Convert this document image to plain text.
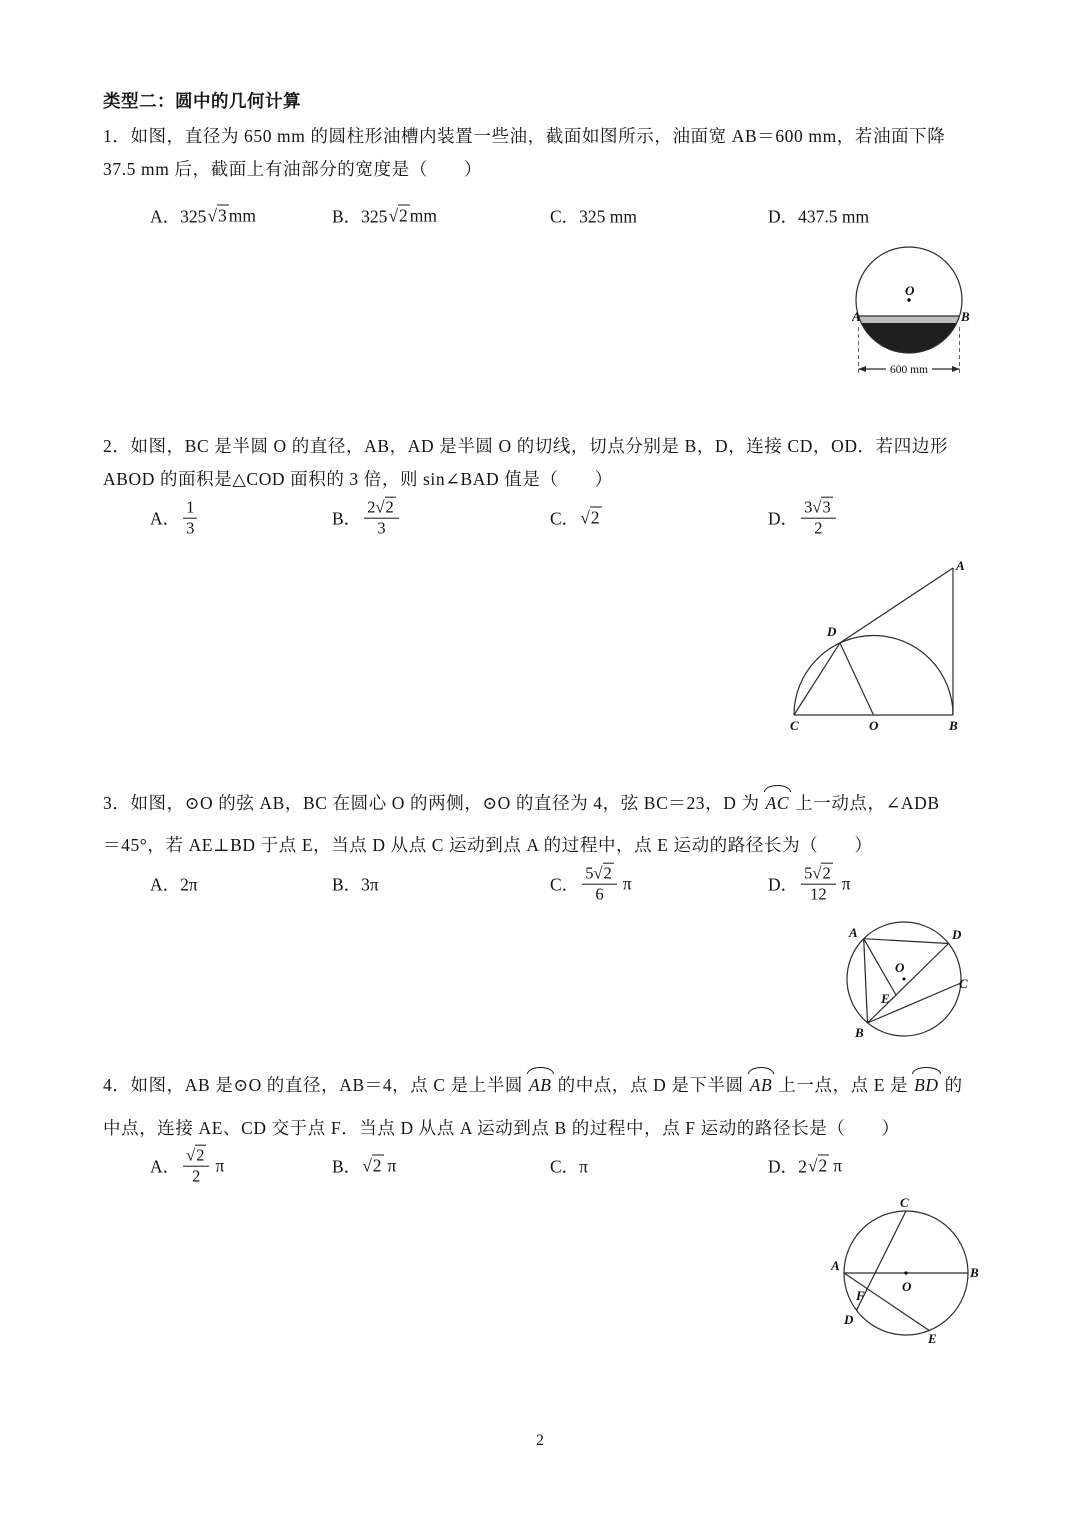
类型二：圆中的几何计算
1．如图，直径为 650 mm 的圆柱形油槽内装置一些油，截面如图所示，油面宽 AB＝600 mm，若油面下降
37.5 mm 后，截面上有油部分的宽度是（　　）
A．325 √ 3 mm	B．325 √ 2 mm	C．325 mm	D．437.5 mm
O
A	B
600 mm
2．如图，BC 是半圆 O 的直径，AB，AD 是半圆 O 的切线，切点分别是 B，D，连接 CD，OD．若四边形
ABOD 的面积是△COD 面积的 3 倍，则 sin∠BAD 值是（　　）
A． $\frac{1}{3}$	B． $\frac{2 √ 2}{3}$	C． √ 2	D． $\frac{3 √ 3}{2}$
A
D
C	O	B
3．如图，⊙O 的弦 AB，BC 在圆心 O 的两侧，⊙O 的直径为 4，弦 BC＝23，D 为 AC 上一动点，∠ADB
＝45°，若 AE⊥BD 于点 E，当点 D 从点 C 运动到点 A 的过程中，点 E 运动的路径长为（　　）
A．2π	B．3π	C． $\frac{5 √ 2}{6}$ π	D． $\frac{5 √ 2}{12}$ π
A	D
C
O
E
B
4．如图，AB 是⊙O 的直径，AB＝4，点 C 是上半圆 AB 的中点，点 D 是下半圆 AB 上一点，点 E 是 BD 的
中点，连接 AE、CD 交于点 F．当点 D 从点 A 运动到点 B 的过程中，点 F 运动的路径长是（　　）
A． √ $\frac{2}{2}$ π	B． √ 2 π	C．π	D．2 √ 2 π
C
A	B
O
F
D
E
2
